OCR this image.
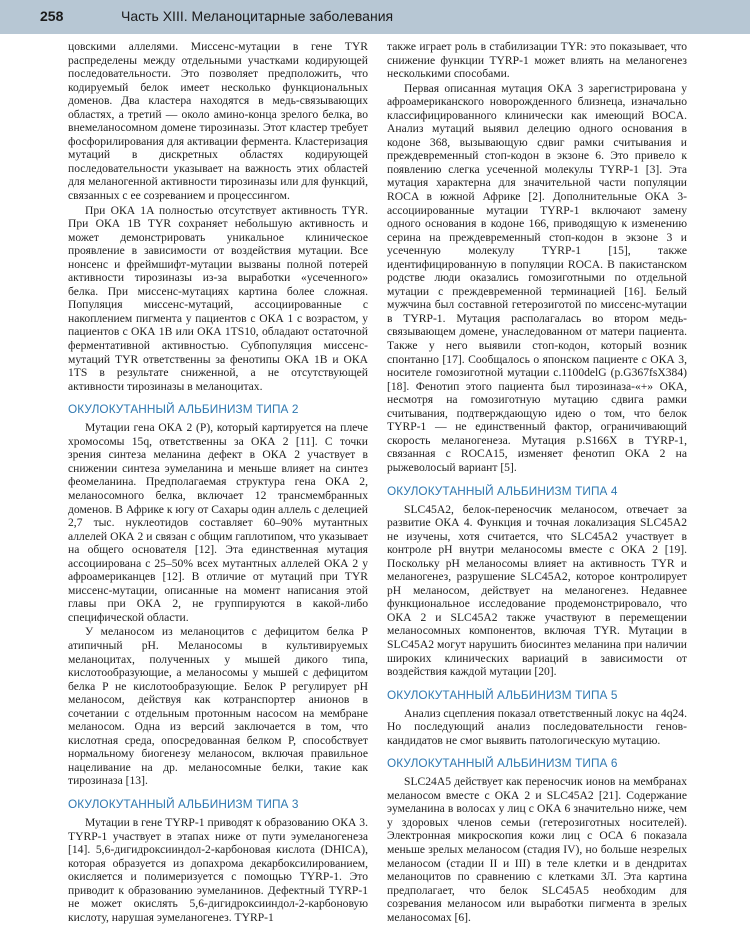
258	Часть XIII. Меланоцитарные заболевания

цовскими аллелями. Миссенс-мутации в гене TYR распределены между отдельными участками кодирующей последовательности. Это позволяет предположить, что кодируемый белок имеет несколько функциональных доменов. Два кластера находятся в медь-связывающих областях, а третий — около амино-конца зрелого белка, во внемеланосомном домене тирозиназы. Этот кластер требует фосфорилирования для активации фермента. Кластеризация мутаций в дискретных областях кодирующей последовательности указывает на важность этих областей для меланогенной активности тирозиназы или для функций, связанных с ее созреванием и процессингом.

При ОКА 1A полностью отсутствует активность TYR. При ОКА 1B TYR сохраняет небольшую активность и может демонстрировать уникальное клиническое проявление в зависимости от воздействия мутации. Все нонсенс и фреймшифт-мутации вызваны полной потерей активности тирозиназы из-за выработки «усеченного» белка. При миссенс-мутациях картина более сложная. Популяция миссенс-мутаций, ассоциированные с накоплением пигмента у пациентов с ОКА 1 с возрастом, у пациентов с ОКА 1B или ОКА 1TS10, обладают остаточной ферментативной активностью. Субпопуляция миссенс-мутаций TYR ответственны за фенотипы ОКА 1B и ОКА 1TS в результате сниженной, а не отсутствующей активности тирозиназы в меланоцитах.

ОКУЛОКУТАННЫЙ АЛЬБИНИЗМ ТИПА 2

Мутации гена ОКА 2 (P), который картируется на плече хромосомы 15q, ответственны за ОКА 2 [11]. С точки зрения синтеза меланина дефект в ОКА 2 участвует в снижении синтеза эумеланина и меньше влияет на синтез феомеланина. Предполагаемая структура гена ОКА 2, меланосомного белка, включает 12 трансмембранных доменов. В Африке к югу от Сахары один аллель с делецией 2,7 тыс. нуклеотидов составляет 60–90% мутантных аллелей ОКА 2 и связан с общим гаплотипом, что указывает на общего основателя [12]. Эта единственная мутация ассоциирована с 25–50% всех мутантных аллелей ОКА 2 у афроамериканцев [12]. В отличие от мутаций при TYR миссенс-мутации, описанные на момент написания этой главы при ОКА 2, не группируются в какой-либо специфической области.

У меланосом из меланоцитов с дефицитом белка P атипичный pH. Меланосомы в культивируемых меланоцитах, полученных у мышей дикого типа, кислотообразующие, а меланосомы у мышей с дефицитом белка P не кислотообразующие. Белок P регулирует pH меланосом, действуя как котранспортер анионов в сочетании с отдельным протонным насосом на мембране меланосом. Одна из версий заключается в том, что кислотная среда, опосредованная белком P, способствует нормальному биогенезу меланосом, включая правильное нацеливание на др. меланосомные белки, такие как тирозиназа [13].

ОКУЛОКУТАННЫЙ АЛЬБИНИЗМ ТИПА 3

Мутации в гене TYRP-1 приводят к образованию ОКА 3. TYRP-1 участвует в этапах ниже от пути эумеланогенеза [14]. 5,6-дигидроксииндол-2-карбоновая кислота (DHICA), которая образуется из допахрома декарбоксилированием, окисляется и полимеризуется с помощью TYRP-1. Это приводит к образованию эумеланинов. Дефектный TYRP-1 не может окислять 5,6-дигидроксииндол-2-карбоновую кислоту, нарушая эумеланогенез. TYRP-1

также играет роль в стабилизации TYR: это показывает, что снижение функции TYRP-1 может влиять на меланогенез несколькими способами.

Первая описанная мутация ОКА 3 зарегистрирована у афроамериканского новорожденного близнеца, изначально классифицированного клинически как имеющий BOCA. Анализ мутаций выявил делецию одного основания в кодоне 368, вызывающую сдвиг рамки считывания и преждевременный стоп-кодон в экзоне 6. Это привело к появлению слегка усеченной молекулы TYRP-1 [3]. Эта мутация характерна для значительной части популяции ROCA в южной Африке [2]. Дополнительные ОКА 3-ассоциированные мутации TYRP-1 включают замену одного основания в кодоне 166, приводящую к изменению серина на преждевременный стоп-кодон в экзоне 3 и усеченную молекулу TYRP-1 [15], также идентифицированную в популяции ROCA. В пакистанском родстве люди оказались гомозиготными по отдельной мутации с преждевременной терминацией [16]. Белый мужчина был составной гетерозиготой по миссенс-мутации в TYRP-1. Мутация располагалась во втором медь-связывающем домене, унаследованном от матери пациента. Также у него выявили стоп-кодон, который возник спонтанно [17]. Сообщалось о японском пациенте с ОКА 3, носителе гомозиготной мутации c.1100delG (p.G367fsX384) [18]. Фенотип этого пациента был тирозиназа-«+» ОКА, несмотря на гомозиготную мутацию сдвига рамки считывания, подтверждающую идею о том, что белок TYRP-1 — не единственный фактор, ограничивающий скорость меланогенеза. Мутация p.S166X в TYRP-1, связанная с ROCA15, изменяет фенотип ОКА 2 на рыжеволосый вариант [5].

ОКУЛОКУТАННЫЙ АЛЬБИНИЗМ ТИПА 4

SLC45A2, белок-переносчик меланосом, отвечает за развитие ОКА 4. Функция и точная локализация SLC45A2 не изучены, хотя считается, что SLC45A2 участвует в контроле pH внутри меланосомы вместе с ОКА 2 [19]. Поскольку pH меланосомы влияет на активность TYR и меланогенез, разрушение SLC45A2, которое контролирует pH меланосом, действует на меланогенез. Недавнее функциональное исследование продемонстрировало, что ОКА 2 и SLC45A2 также участвуют в перемещении меланосомных компонентов, включая TYR. Мутации в SLC45A2 могут нарушить биосинтез меланина при наличии широких клинических вариаций в зависимости от воздействия каждой мутации [20].

ОКУЛОКУТАННЫЙ АЛЬБИНИЗМ ТИПА 5

Анализ сцепления показал ответственный локус на 4q24. Но последующий анализ последовательности генов-кандидатов не смог выявить патологическую мутацию.

ОКУЛОКУТАННЫЙ АЛЬБИНИЗМ ТИПА 6

SLC24A5 действует как переносчик ионов на мембранах меланосом вместе с ОКА 2 и SLC45A2 [21]. Содержание эумеланина в волосах у лиц с ОКА 6 значительно ниже, чем у здоровых членов семьи (гетерозиготных носителей). Электронная микроскопия кожи лиц с ОСА 6 показала меньше зрелых меланосом (стадия IV), но больше незрелых меланосом (стадии II и III) в теле клетки и в дендритах меланоцитов по сравнению с клетками ЗЛ. Эта картина предполагает, что белок SLC45A5 необходим для созревания меланосом или выработки пигмента в зрелых меланосомах [6].
